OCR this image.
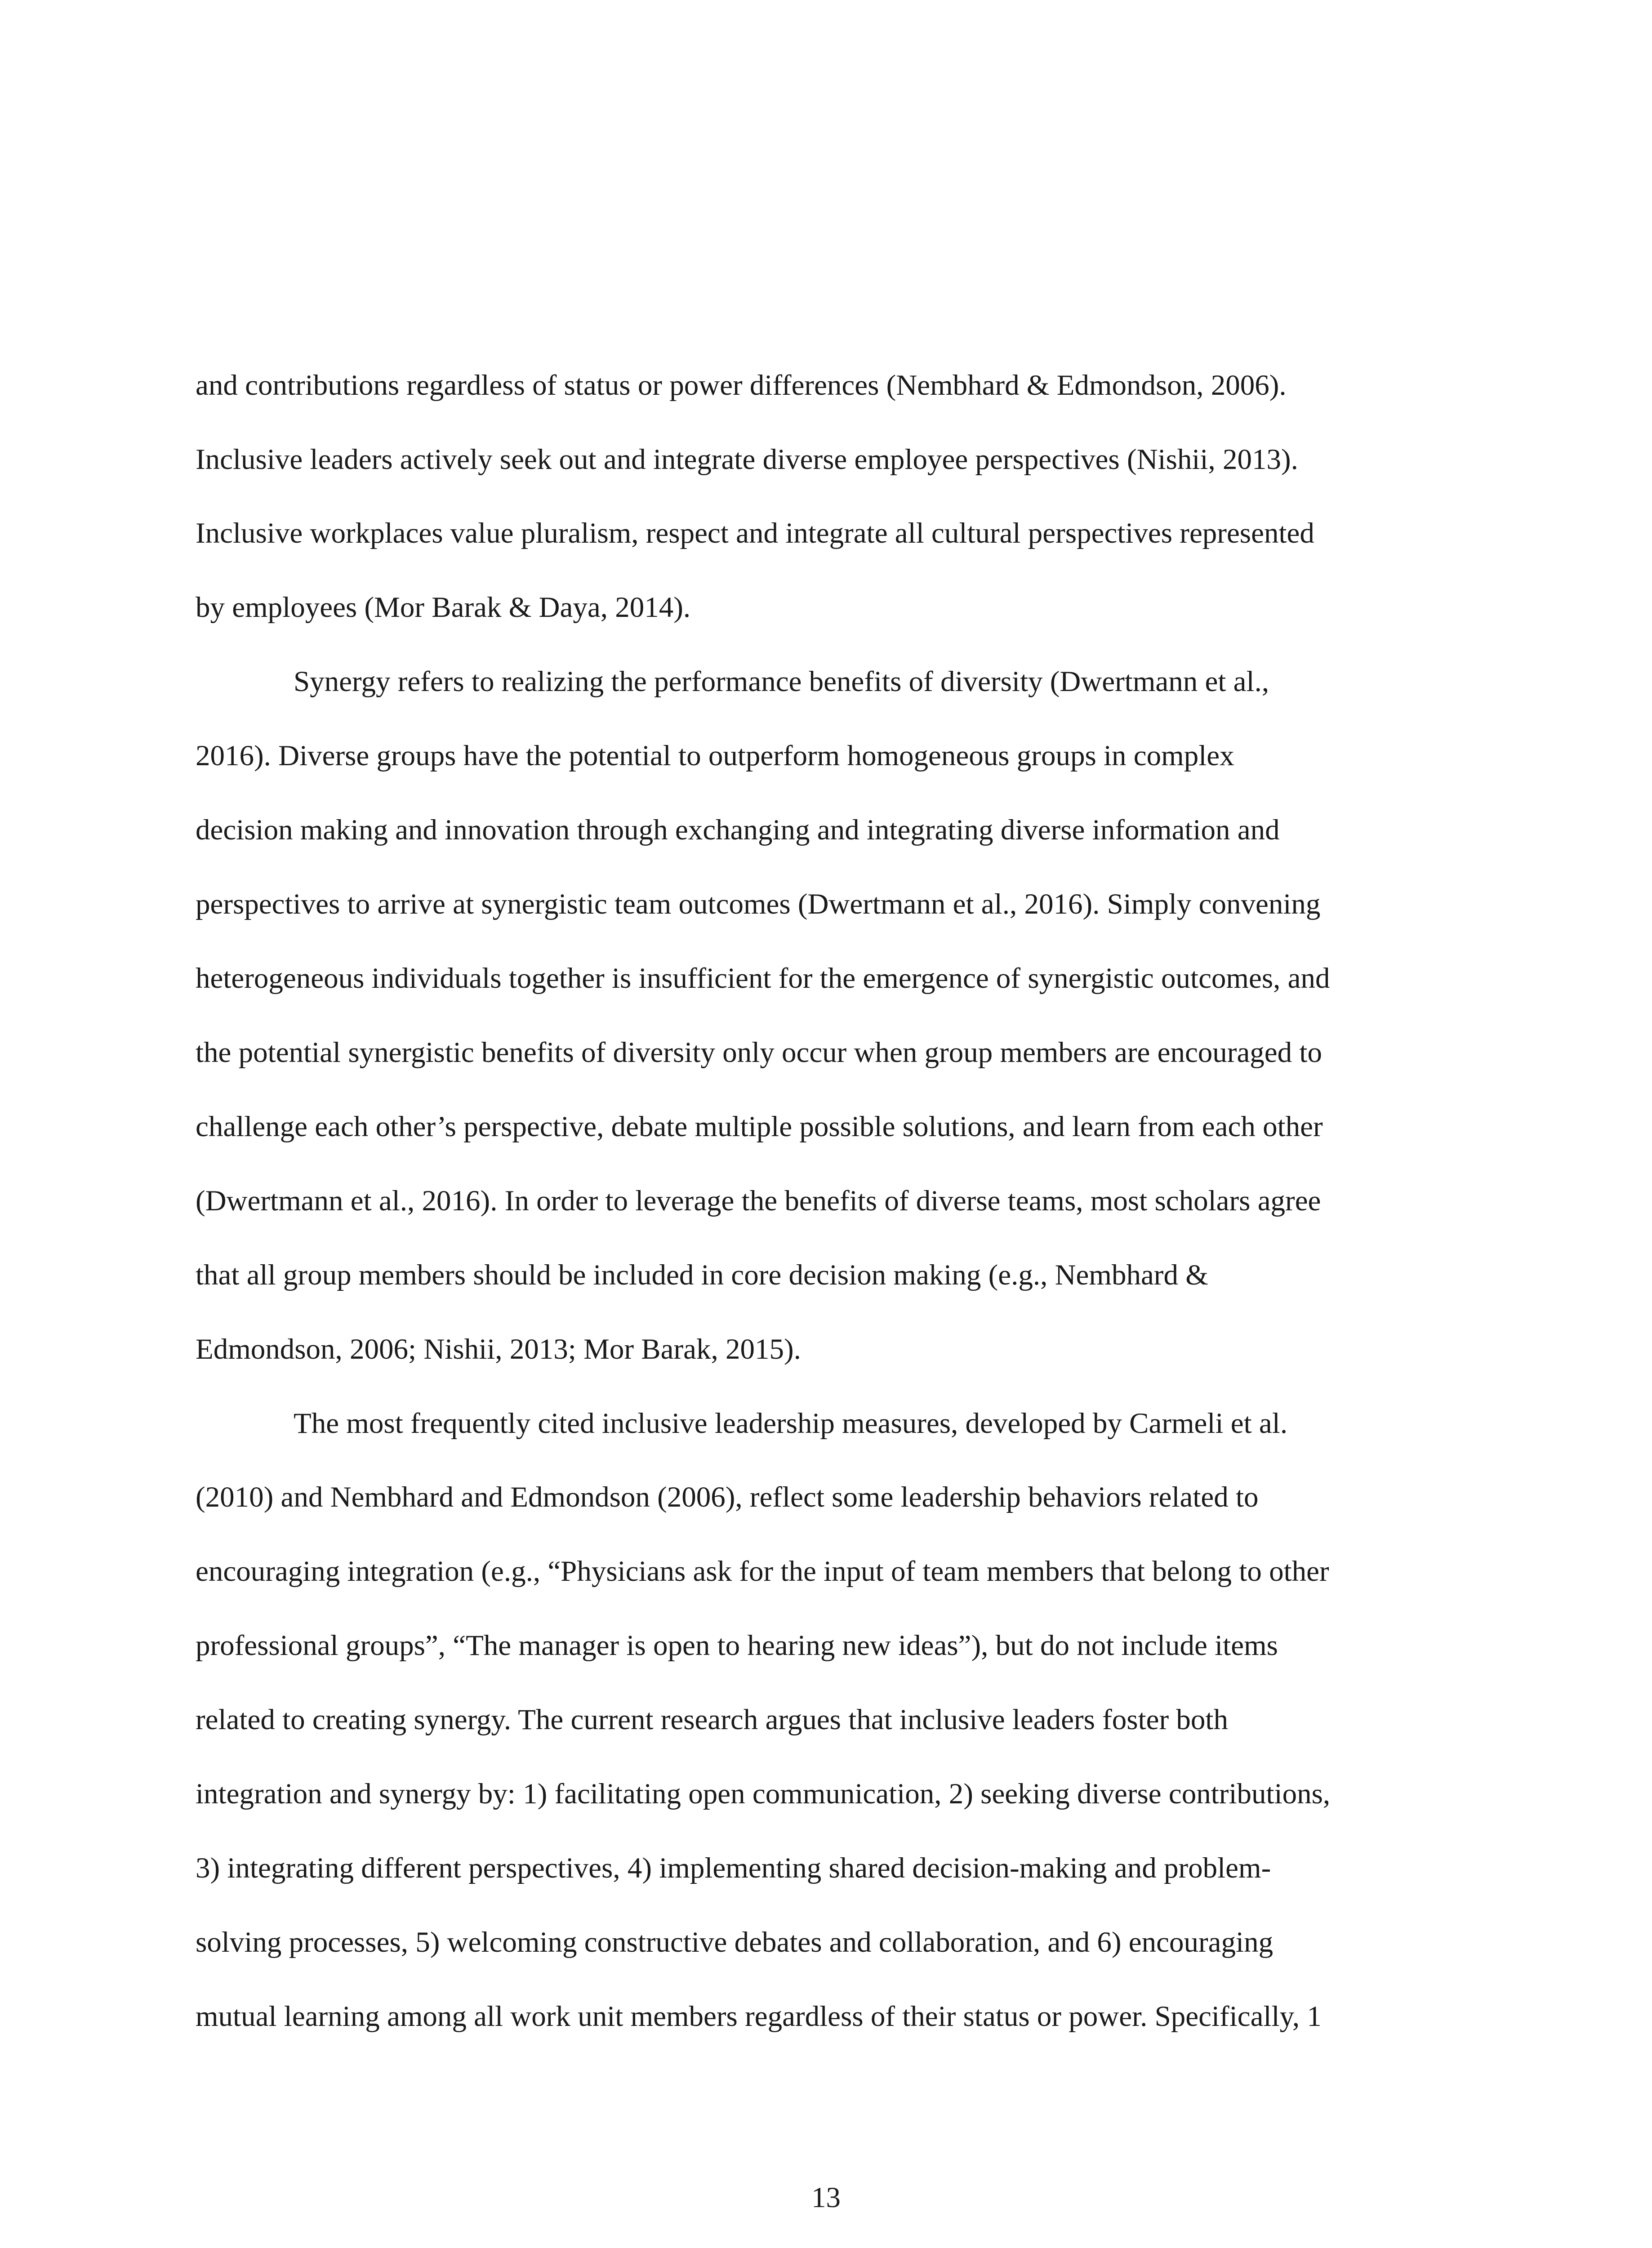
and contributions regardless of status or power differences (Nembhard & Edmondson, 2006).
Inclusive leaders actively seek out and integrate diverse employee perspectives (Nishii, 2013).
Inclusive workplaces value pluralism, respect and integrate all cultural perspectives represented
by employees (Mor Barak & Daya, 2014).
Synergy refers to realizing the performance benefits of diversity (Dwertmann et al.,
2016). Diverse groups have the potential to outperform homogeneous groups in complex
decision making and innovation through exchanging and integrating diverse information and
perspectives to arrive at synergistic team outcomes (Dwertmann et al., 2016). Simply convening
heterogeneous individuals together is insufficient for the emergence of synergistic outcomes, and
the potential synergistic benefits of diversity only occur when group members are encouraged to
challenge each other’s perspective, debate multiple possible solutions, and learn from each other
(Dwertmann et al., 2016). In order to leverage the benefits of diverse teams, most scholars agree
that all group members should be included in core decision making (e.g., Nembhard &
Edmondson, 2006; Nishii, 2013; Mor Barak, 2015).
The most frequently cited inclusive leadership measures, developed by Carmeli et al.
(2010) and Nembhard and Edmondson (2006), reflect some leadership behaviors related to
encouraging integration (e.g., “Physicians ask for the input of team members that belong to other
professional groups”, “The manager is open to hearing new ideas”), but do not include items
related to creating synergy. The current research argues that inclusive leaders foster both
integration and synergy by: 1) facilitating open communication, 2) seeking diverse contributions,
3) integrating different perspectives, 4) implementing shared decision-making and problem-
solving processes, 5) welcoming constructive debates and collaboration, and 6) encouraging
mutual learning among all work unit members regardless of their status or power. Specifically, 1
13
